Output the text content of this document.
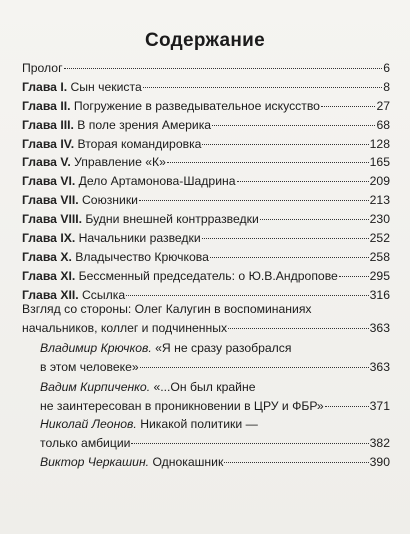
Содержание
Пролог	6
Глава I. Сын чекиста	8
Глава II. Погружение в разведывательное искусство	27
Глава III. В поле зрения Америка	68
Глава IV. Вторая командировка	128
Глава V. Управление «К»	165
Глава VI. Дело Артамонова-Шадрина	209
Глава VII. Союзники	213
Глава VIII. Будни внешней контрразведки	230
Глава IX. Начальники разведки	252
Глава X. Владычество Крючкова	258
Глава XI. Бессменный председатель: о Ю.В.Андропове	295
Глава XII. Ссылка	316
Взгляд со стороны: Олег Калугин в воспоминаниях
начальников, коллег и подчиненных	363
Владимир Крючков. «Я не сразу разобрался
в этом человеке»	363
Вадим Кирпиченко. «...Он был крайне
не заинтересован в проникновении в ЦРУ и ФБР»	371
Николай Леонов. Никакой политики —
только амбиции	382
Виктор Черкашин. Однокашник	390
